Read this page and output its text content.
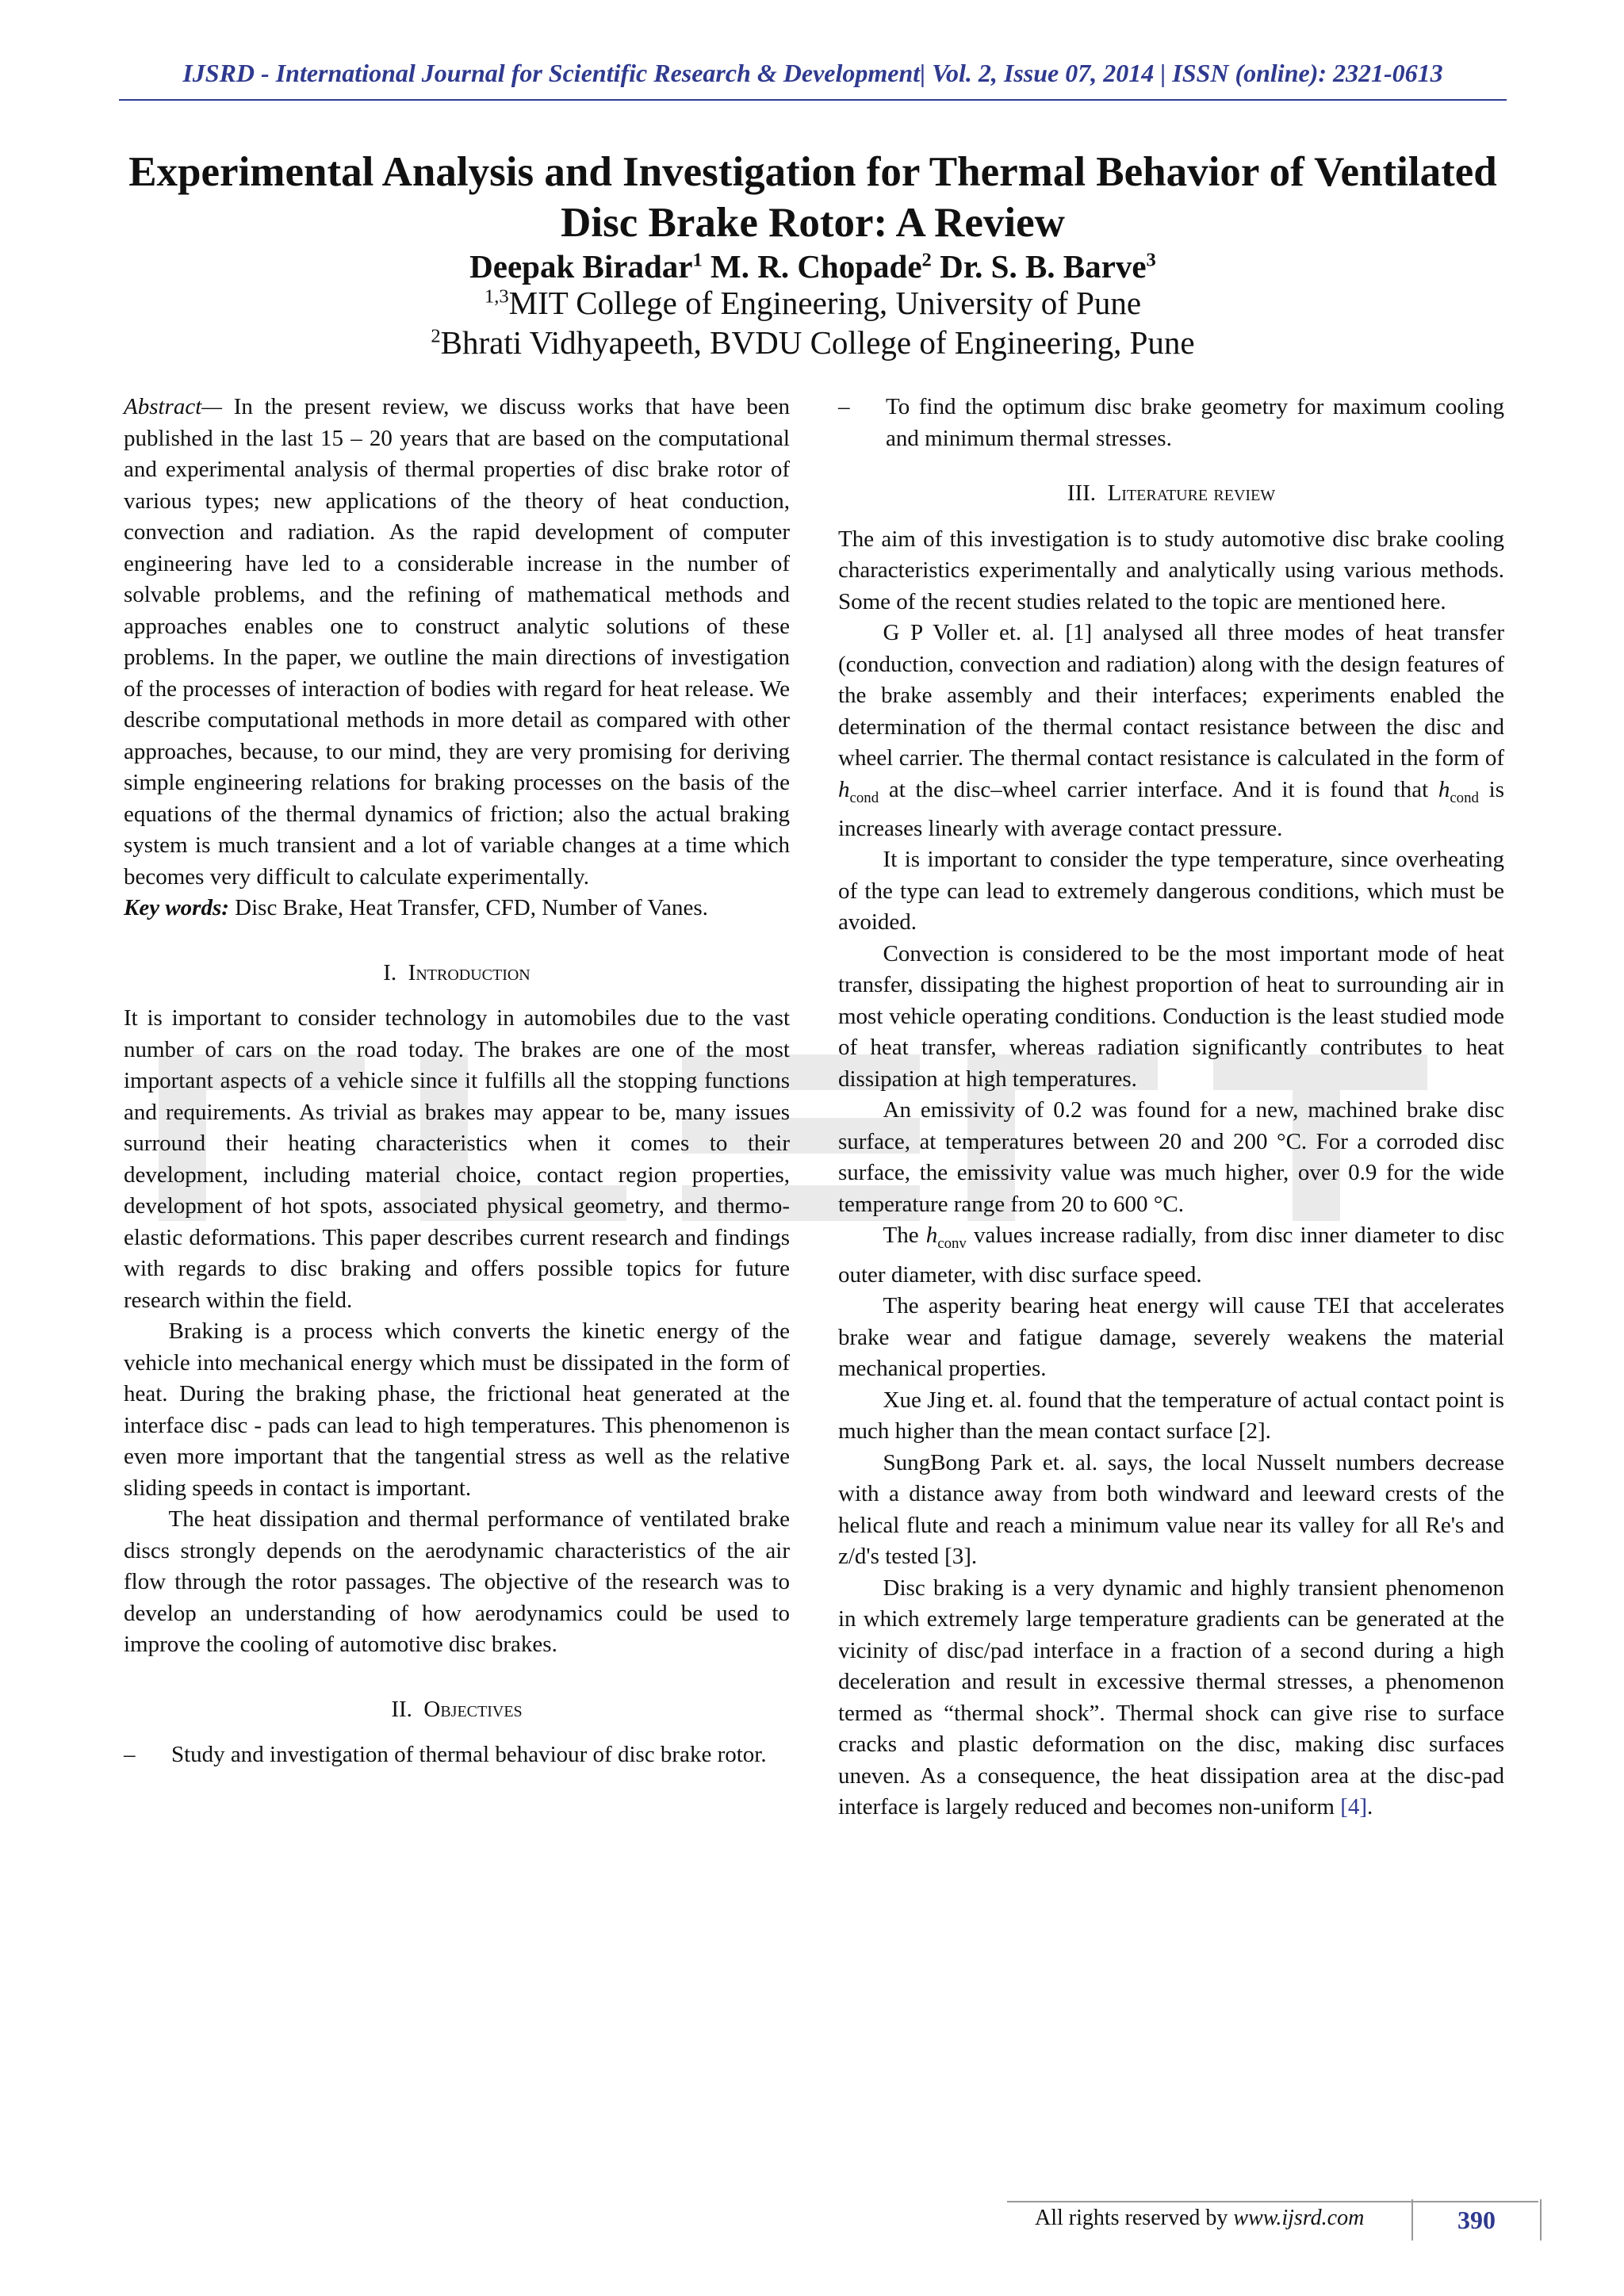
IJSRD - International Journal for Scientific Research & Development| Vol. 2, Issue 07, 2014 | ISSN (online): 2321-0613
Experimental Analysis and Investigation for Thermal Behavior of Ventilated Disc Brake Rotor: A Review
Deepak Biradar$^1$ M. R. Chopade$^2$ Dr. S. B. Barve$^3$
$^{1,3}$MIT College of Engineering, University of Pune
$^2$Bhrati Vidhyapeeth, BVDU College of Engineering, Pune

Abstract— In the present review, we discuss works that have been published in the last 15 – 20 years that are based on the computational and experimental analysis of thermal properties of disc brake rotor of various types; new applications of the theory of heat conduction, convection and radiation. As the rapid development of computer engineering have led to a considerable increase in the number of solvable problems, and the refining of mathematical methods and approaches enables one to construct analytic solutions of these problems. In the paper, we outline the main directions of investigation of the processes of interaction of bodies with regard for heat release. We describe computational methods in more detail as compared with other approaches, because, to our mind, they are very promising for deriving simple engineering relations for braking processes on the basis of the equations of the thermal dynamics of friction; also the actual braking system is much transient and a lot of variable changes at a time which becomes very difficult to calculate experimentally.

Key words: Disc Brake, Heat Transfer, CFD, Number of Vanes.

I. Introduction

It is important to consider technology in automobiles due to the vast number of cars on the road today. The brakes are one of the most important aspects of a vehicle since it fulfills all the stopping functions and requirements. As trivial as brakes may appear to be, many issues surround their heating characteristics when it comes to their development, including material choice, contact region properties, development of hot spots, associated physical geometry, and thermo-elastic deformations. This paper describes current research and findings with regards to disc braking and offers possible topics for future research within the field.

Braking is a process which converts the kinetic energy of the vehicle into mechanical energy which must be dissipated in the form of heat. During the braking phase, the frictional heat generated at the interface disc - pads can lead to high temperatures. This phenomenon is even more important that the tangential stress as well as the relative sliding speeds in contact is important.

The heat dissipation and thermal performance of ventilated brake discs strongly depends on the aerodynamic characteristics of the air flow through the rotor passages. The objective of the research was to develop an understanding of how aerodynamics could be used to improve the cooling of automotive disc brakes.

II. Objectives

–	Study and investigation of thermal behaviour of disc brake rotor.
–	To find the optimum disc brake geometry for maximum cooling and minimum thermal stresses.

III. Literature review

The aim of this investigation is to study automotive disc brake cooling characteristics experimentally and analytically using various methods. Some of the recent studies related to the topic are mentioned here.

G P Voller et. al. [1] analysed all three modes of heat transfer (conduction, convection and radiation) along with the design features of the brake assembly and their interfaces; experiments enabled the determination of the thermal contact resistance between the disc and wheel carrier. The thermal contact resistance is calculated in the form of $h_{cond}$ at the disc–wheel carrier interface. And it is found that $h_{cond}$ is increases linearly with average contact pressure.

It is important to consider the type temperature, since overheating of the type can lead to extremely dangerous conditions, which must be avoided.

Convection is considered to be the most important mode of heat transfer, dissipating the highest proportion of heat to surrounding air in most vehicle operating conditions. Conduction is the least studied mode of heat transfer, whereas radiation significantly contributes to heat dissipation at high temperatures.

An emissivity of 0.2 was found for a new, machined brake disc surface, at temperatures between 20 and 200 °C. For a corroded disc surface, the emissivity value was much higher, over 0.9 for the wide temperature range from 20 to 600 °C.

The $h_{conv}$ values increase radially, from disc inner diameter to disc outer diameter, with disc surface speed.

The asperity bearing heat energy will cause TEI that accelerates brake wear and fatigue damage, severely weakens the material mechanical properties.

Xue Jing et. al. found that the temperature of actual contact point is much higher than the mean contact surface [2].

SungBong Park et. al. says, the local Nusselt numbers decrease with a distance away from both windward and leeward crests of the helical flute and reach a minimum value near its valley for all Re's and z/d's tested [3].

Disc braking is a very dynamic and highly transient phenomenon in which extremely large temperature gradients can be generated at the vicinity of disc/pad interface in a fraction of a second during a high deceleration and result in excessive thermal stresses, a phenomenon termed as “thermal shock”. Thermal shock can give rise to surface cracks and plastic deformation on the disc, making disc surfaces uneven. As a consequence, the heat dissipation area at the disc-pad interface is largely reduced and becomes non-uniform [4].

All rights reserved by www.ijsrd.com	390
